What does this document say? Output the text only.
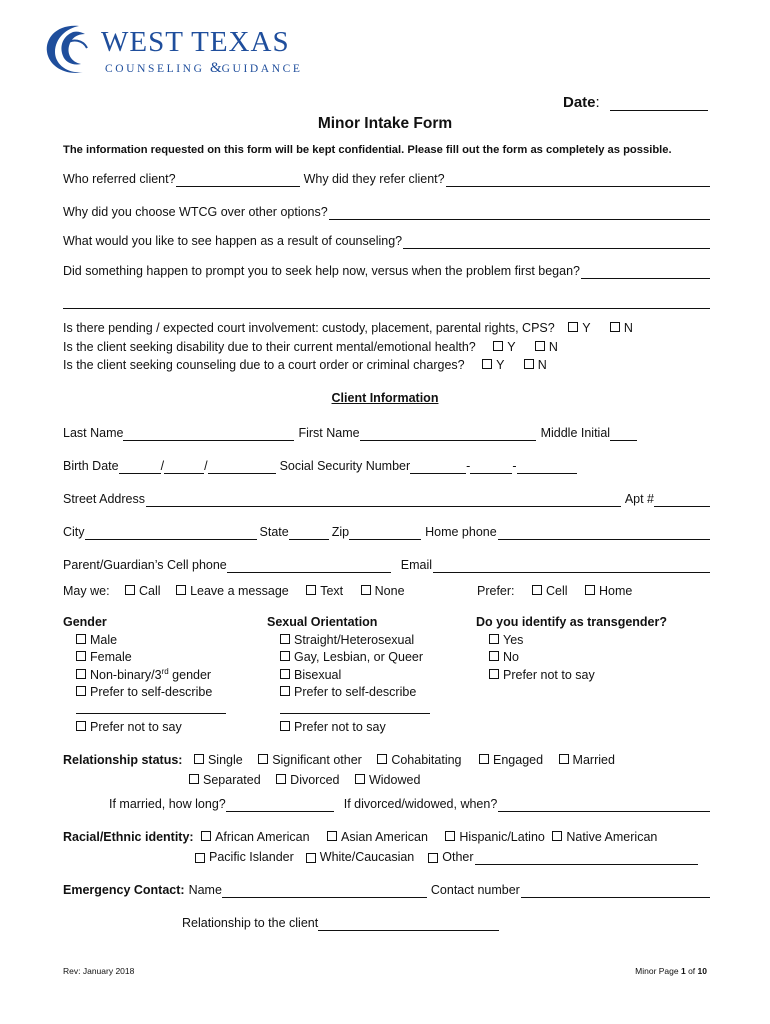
WEST TEXAS
COUNSELING &GUIDANCE
Date :
Minor Intake Form
The information requested on this form will be kept confidential. Please fill out the form as completely as possible.
Who referred client?	Why did they refer client?
Why did you choose WTCG over other options?
What would you like to see happen as a result of counseling?
Did something happen to prompt you to seek help now, versus when the problem first began?
Is there pending / expected court involvement: custody, placement, parental rights, CPS? Y	N
Is the client seeking disability due to their current mental/emotional health?	Y	N
Is the client seeking counseling due to a court order or criminal charges?	Y	N
Client Information
Last Name	First Name	Middle Initial
Birth Date	/	/	Social Security Number	-	-
Street Address	Apt #
City	State	Zip	Home phone
Parent/Guardian’s Cell phone	Email
May we: Call Leave a message	Text	None	Prefer:	Cell	Home
Gender
Male
Female
Non-binary/3rd gender
Prefer to self-describe
Prefer not to say
Sexual Orientation
Straight/Heterosexual
Gay, Lesbian, or Queer
Bisexual
Prefer to self-describe
Prefer not to say
Do you identify as transgender?
Yes
No
Prefer not to say
Relationship status: Single Significant other Cohabitating	Engaged Married
Separated Divorced Widowed
If married, how long?	If divorced/widowed, when?
Racial/Ethnic identity: African American	Asian American	Hispanic/Latino Native American
Pacific Islander White/Caucasian Other
Emergency Contact: Name	Contact number
Relationship to the client
Rev: January 2018	Minor Page 1 of 10
